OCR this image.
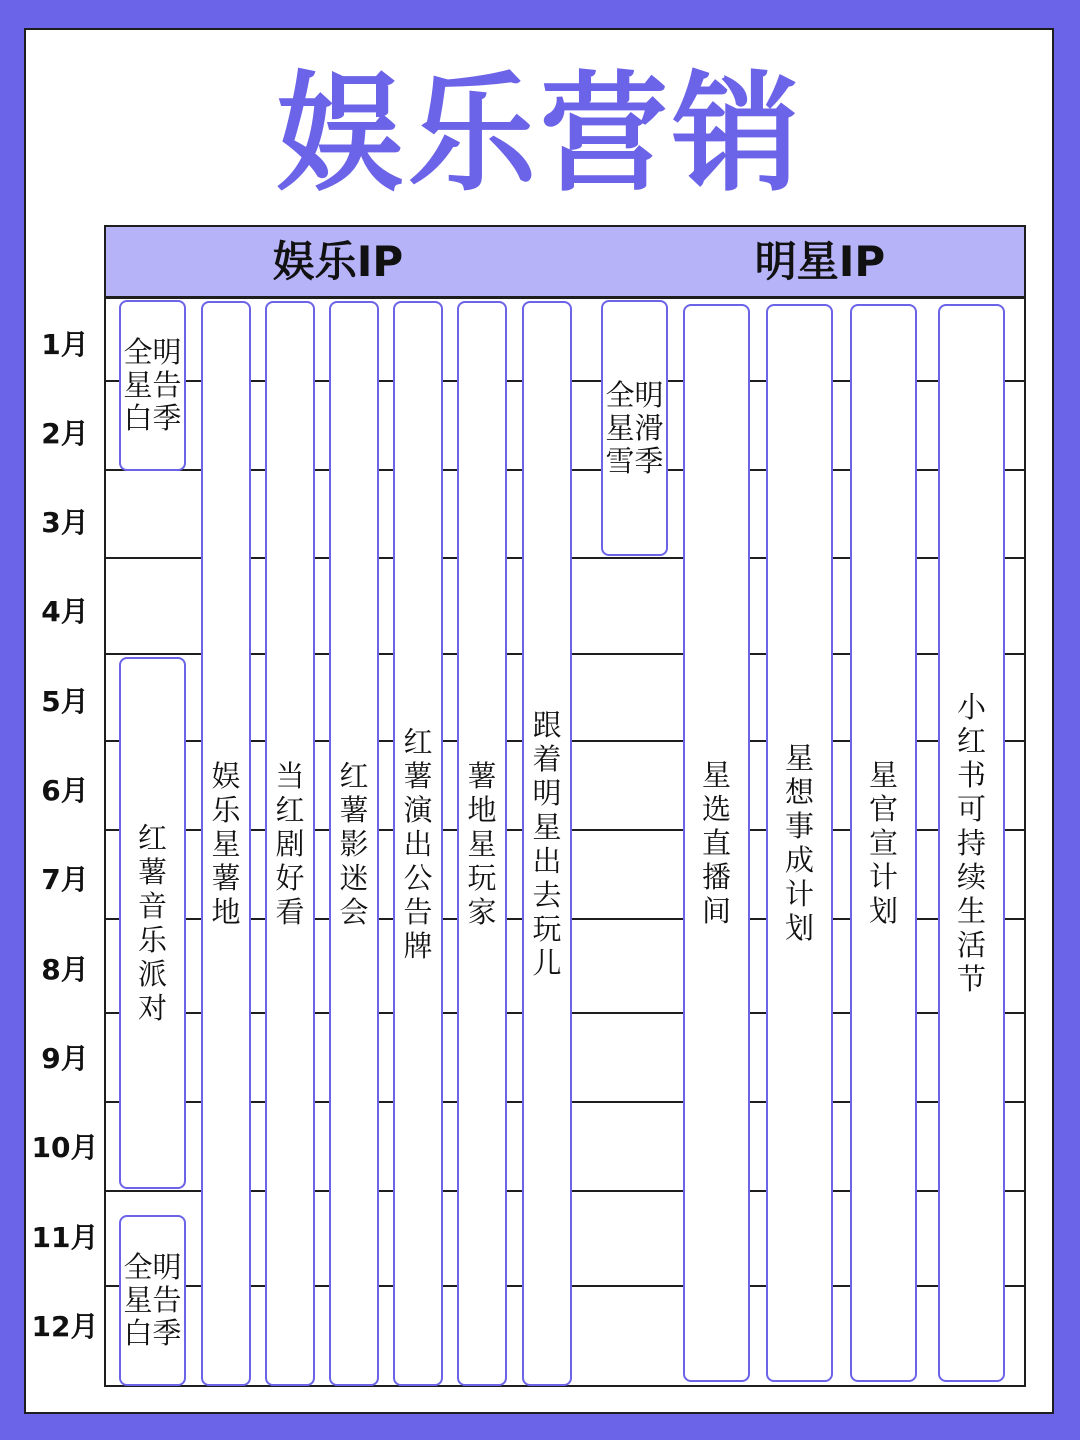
娱乐营销
娱乐IP	明星IP
1月
2月
3月
4月
5月
6月
7月
8月
9月
10月
11月
12月
全明
星告
白季
红薯音乐派对
全明
星告
白季
娱乐星薯地
当红剧好看
红薯影迷会
红薯演出公告牌
薯地星玩家
跟着明星出去玩儿
全明
星滑
雪季
星选直播间
星想事成计划
星官宣计划
小红书可持续生活节
